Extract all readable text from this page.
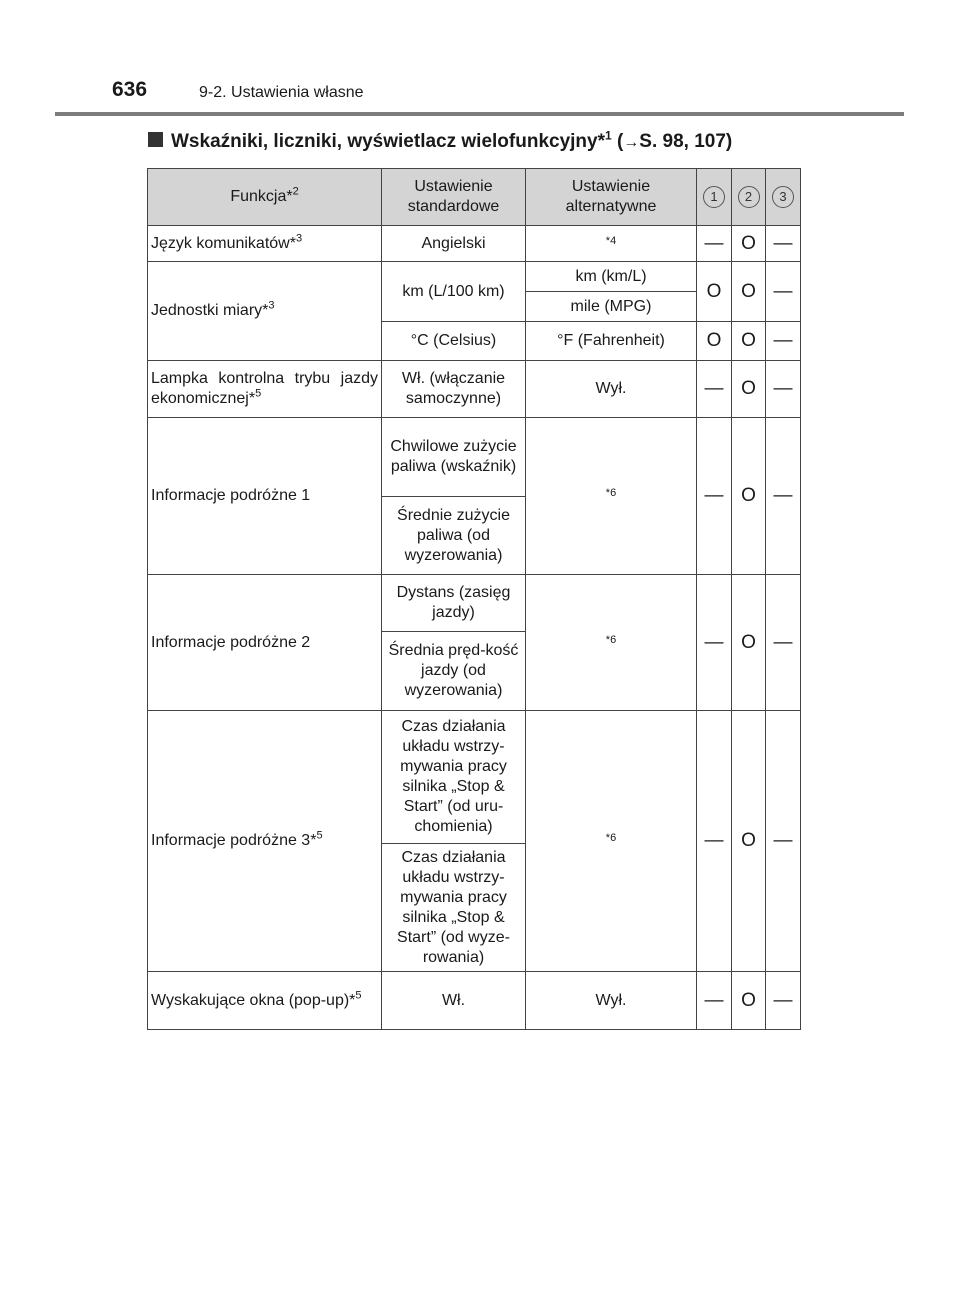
636	9-2. Ustawienia własne
Wskaźniki, liczniki, wyświetlacz wielofunkcyjny*$^1$ (→S. 98, 107)
Funkcja*$^2$	Ustawienie standardowe	Ustawienie alternatywne	1	2	3
Język komunikatów*$^3$	Angielski	$^{*4}$	—	O	—
Jednostki miary*$^3$	km (L/100 km)	km (km/L)	O	O	—
		mile (MPG)			
	°C (Celsius)	°F (Fahrenheit)	O	O	—
Lampka kontrolna trybu jazdy ekonomicznej*$^5$	Wł. (włączanie samoczynne)	Wył.	—	O	—
Informacje podróżne 1	Chwilowe zużycie paliwa (wskaźnik)	$^{*6}$	—	O	—
	Średnie zużycie paliwa (od wyzerowania)				
Informacje podróżne 2	Dystans (zasięg jazdy)	$^{*6}$	—	O	—
	Średnia pręd-kość jazdy (od wyzerowania)				
Informacje podróżne 3*$^5$	Czas działania układu wstrzy-mywania pracy silnika „Stop & Start” (od uru-chomienia)	$^{*6}$	—	O	—
	Czas działania układu wstrzy-mywania pracy silnika „Stop & Start” (od wyze-rowania)				
Wyskakujące okna (pop-up)*$^5$	Wł.	Wył.	—	O	—
